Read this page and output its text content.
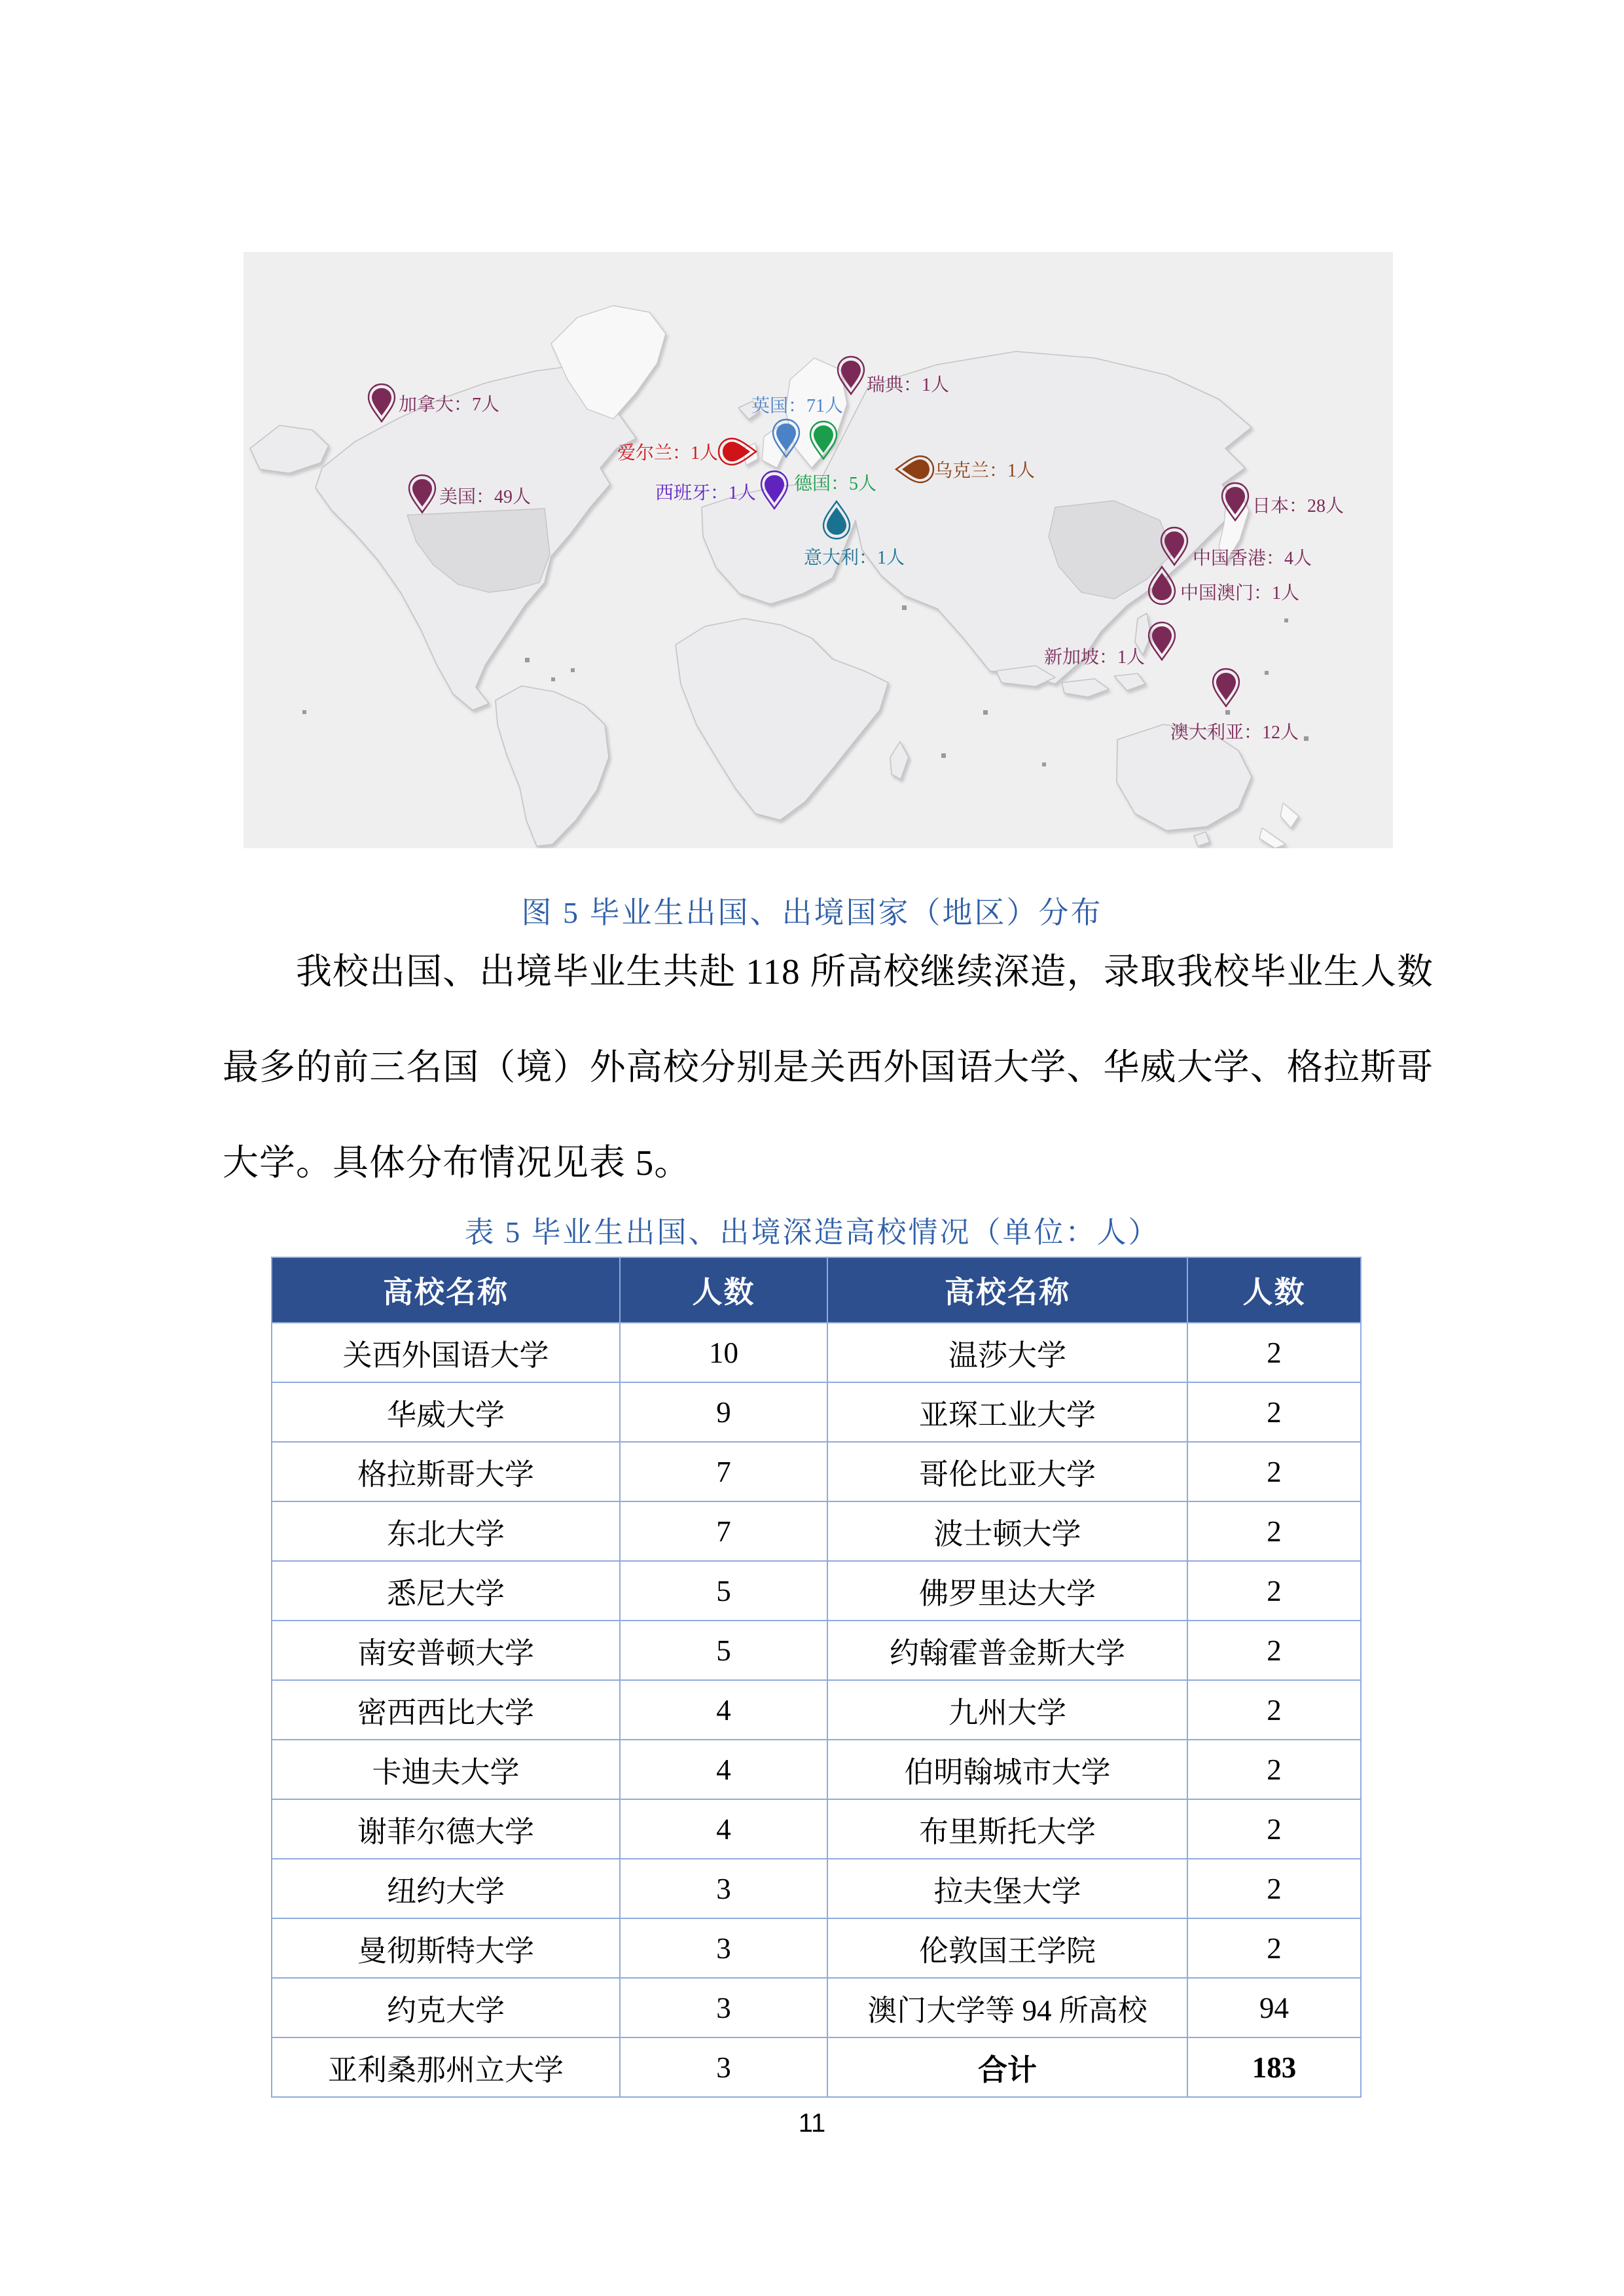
加拿大：7人
美国：49人
爱尔兰：1人
英国：71人
德国：5人
瑞典：1人
乌克兰：1人
西班牙：1人
意大利：1人
日本：28人
中国香港：4人
中国澳门：1人
新加坡：1人
澳大利亚：12人
图 5 毕业生出国、出境国家（地区）分布

我校出国、出境毕业生共赴 118 所高校继续深造，录取我校毕业生人数最多的前三名国（境）外高校分别是关西外国语大学、华威大学、格拉斯哥大学。具体分布情况见表 5。

表 5 毕业生出国、出境深造高校情况（单位：人）
高校名称	人数	高校名称	人数
关西外国语大学	10	温莎大学	2
华威大学	9	亚琛工业大学	2
格拉斯哥大学	7	哥伦比亚大学	2
东北大学	7	波士顿大学	2
悉尼大学	5	佛罗里达大学	2
南安普顿大学	5	约翰霍普金斯大学	2
密西西比大学	4	九州大学	2
卡迪夫大学	4	伯明翰城市大学	2
谢菲尔德大学	4	布里斯托大学	2
纽约大学	3	拉夫堡大学	2
曼彻斯特大学	3	伦敦国王学院	2
约克大学	3	澳门大学等 94 所高校	94
亚利桑那州立大学	3	合计	183
11
